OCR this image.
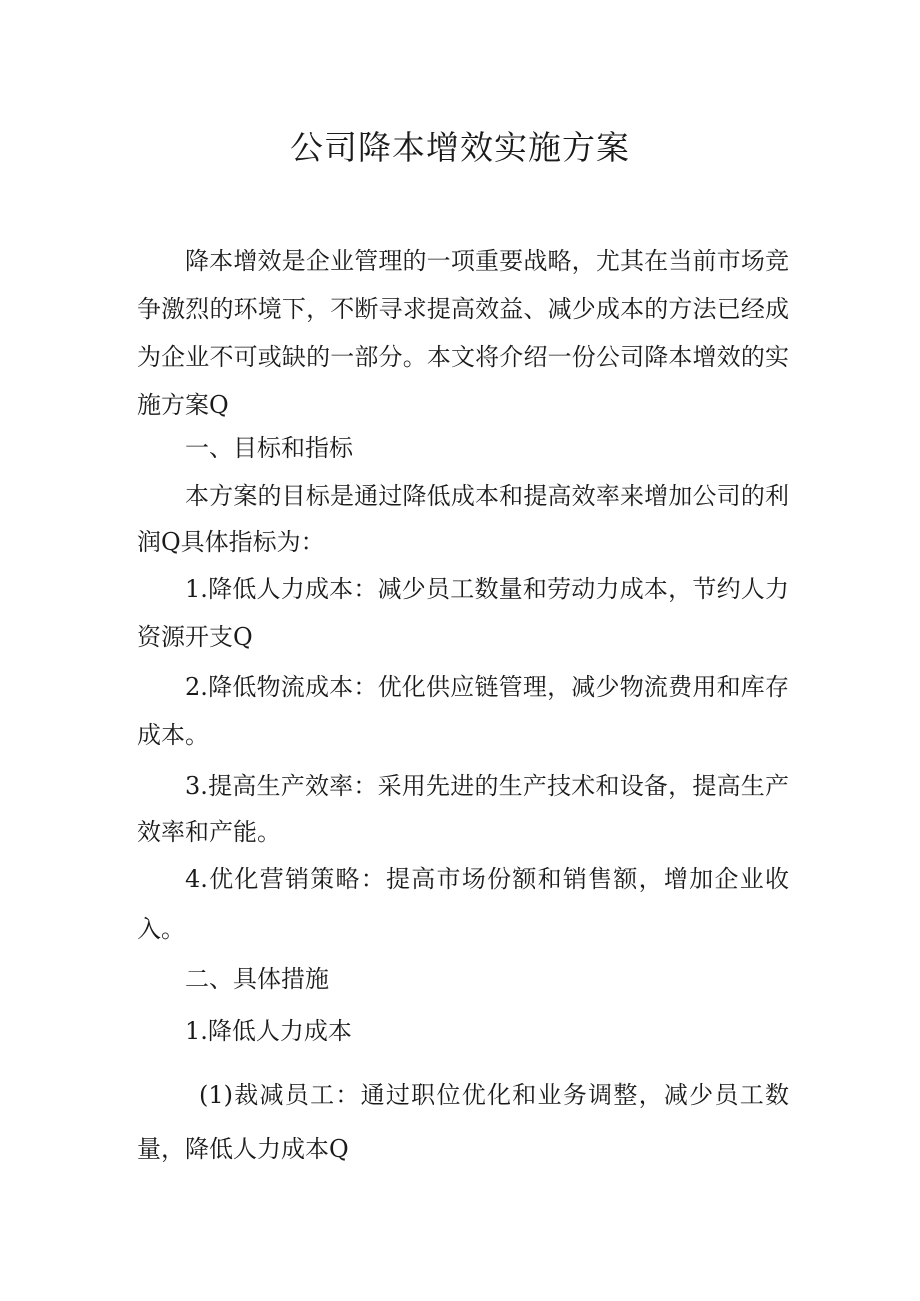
公司降本增效实施方案

降本增效是企业管理的一项重要战略，尤其在当前市场竞争激烈的环境下，不断寻求提高效益、减少成本的方法已经成为企业不可或缺的一部分。本文将介绍一份公司降本增效的实施方案Q

一、目标和指标

本方案的目标是通过降低成本和提高效率来增加公司的利润Q具体指标为：

1.降低人力成本：减少员工数量和劳动力成本，节约人力资源开支Q

2.降低物流成本：优化供应链管理，减少物流费用和库存成本。

3.提高生产效率：采用先进的生产技术和设备，提高生产效率和产能。

4.优化营销策略：提高市场份额和销售额，增加企业收入。

二、具体措施

1.降低人力成本

(1)裁减员工：通过职位优化和业务调整，减少员工数量，降低人力成本Q
